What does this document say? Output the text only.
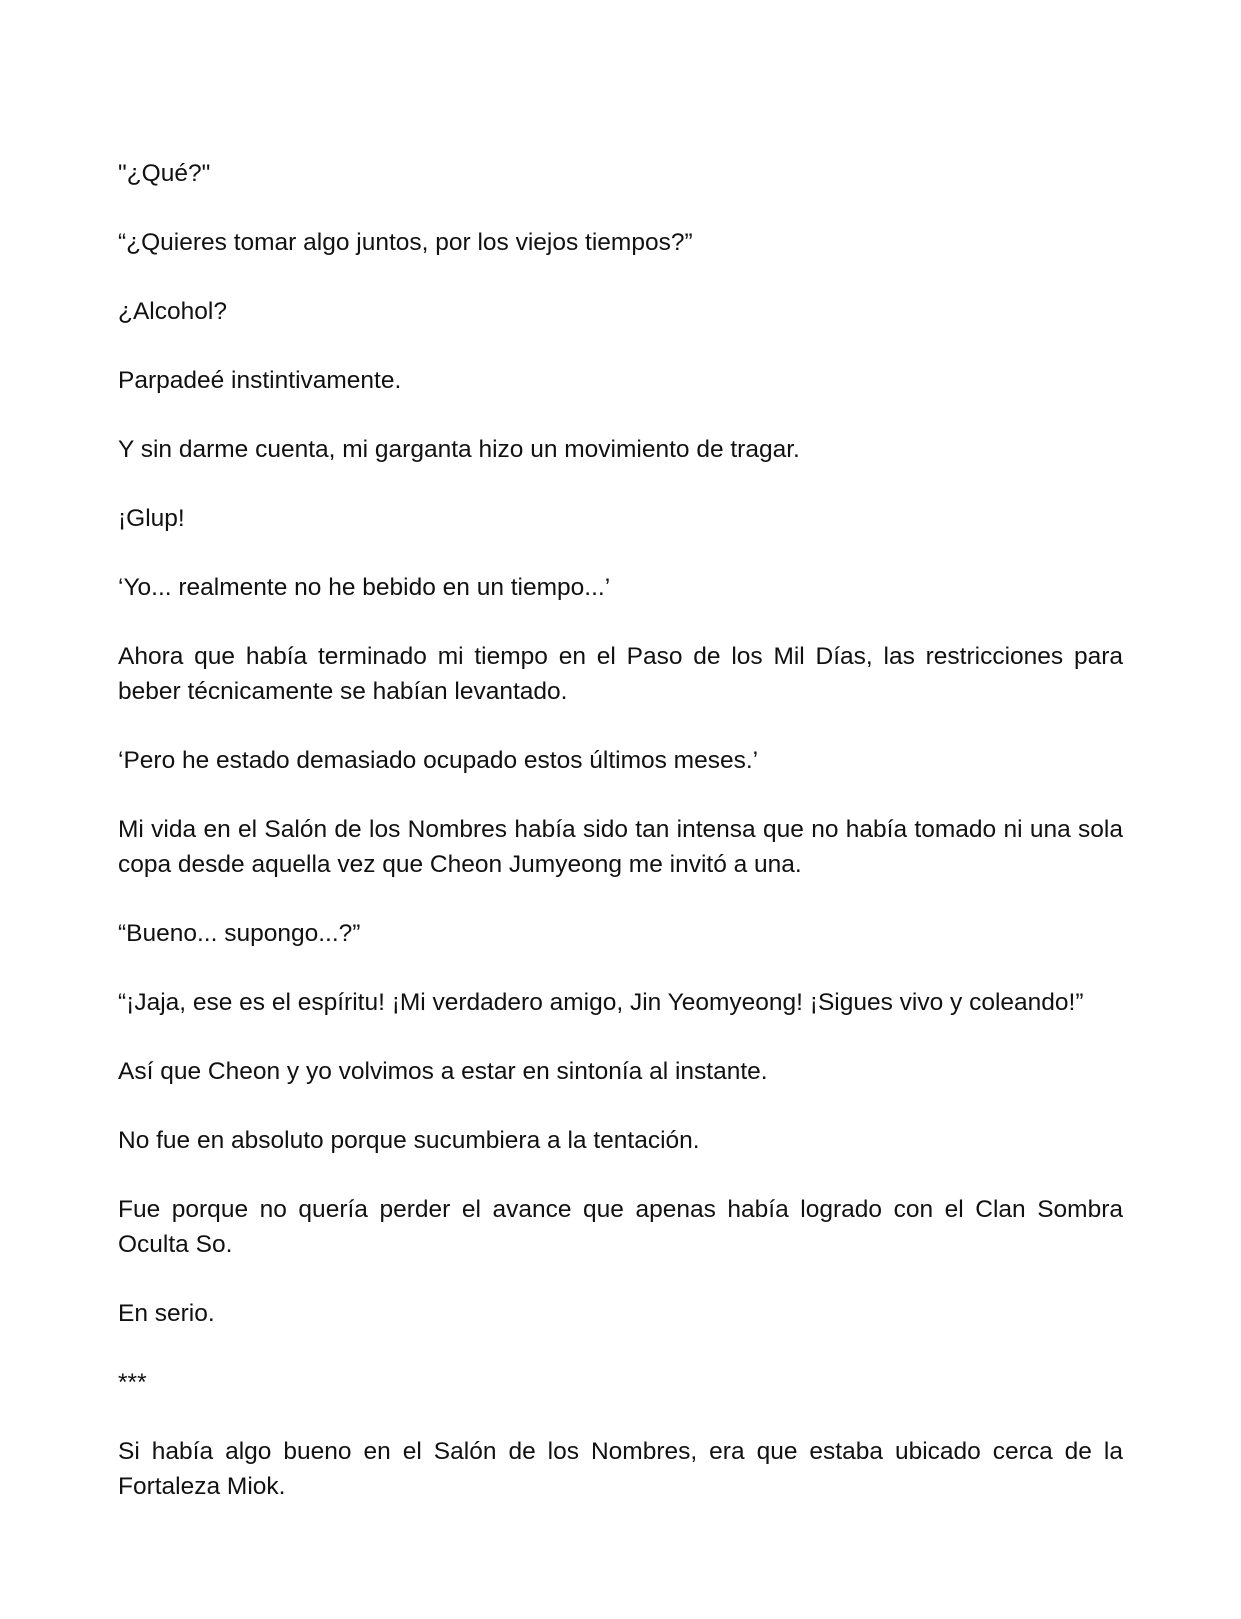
"¿Qué?"

“¿Quieres tomar algo juntos, por los viejos tiempos?”

¿Alcohol?

Parpadeé instintivamente.

Y sin darme cuenta, mi garganta hizo un movimiento de tragar.

¡Glup!

‘Yo... realmente no he bebido en un tiempo...’

Ahora que había terminado mi tiempo en el Paso de los Mil Días, las restricciones para beber técnicamente se habían levantado.

‘Pero he estado demasiado ocupado estos últimos meses.’

Mi vida en el Salón de los Nombres había sido tan intensa que no había tomado ni una sola copa desde aquella vez que Cheon Jumyeong me invitó a una.

“Bueno... supongo...?”

“¡Jaja, ese es el espíritu! ¡Mi verdadero amigo, Jin Yeomyeong! ¡Sigues vivo y coleando!”

Así que Cheon y yo volvimos a estar en sintonía al instante.

No fue en absoluto porque sucumbiera a la tentación.

Fue porque no quería perder el avance que apenas había logrado con el Clan Sombra Oculta So.

En serio.

***

Si había algo bueno en el Salón de los Nombres, era que estaba ubicado cerca de la Fortaleza Miok.
